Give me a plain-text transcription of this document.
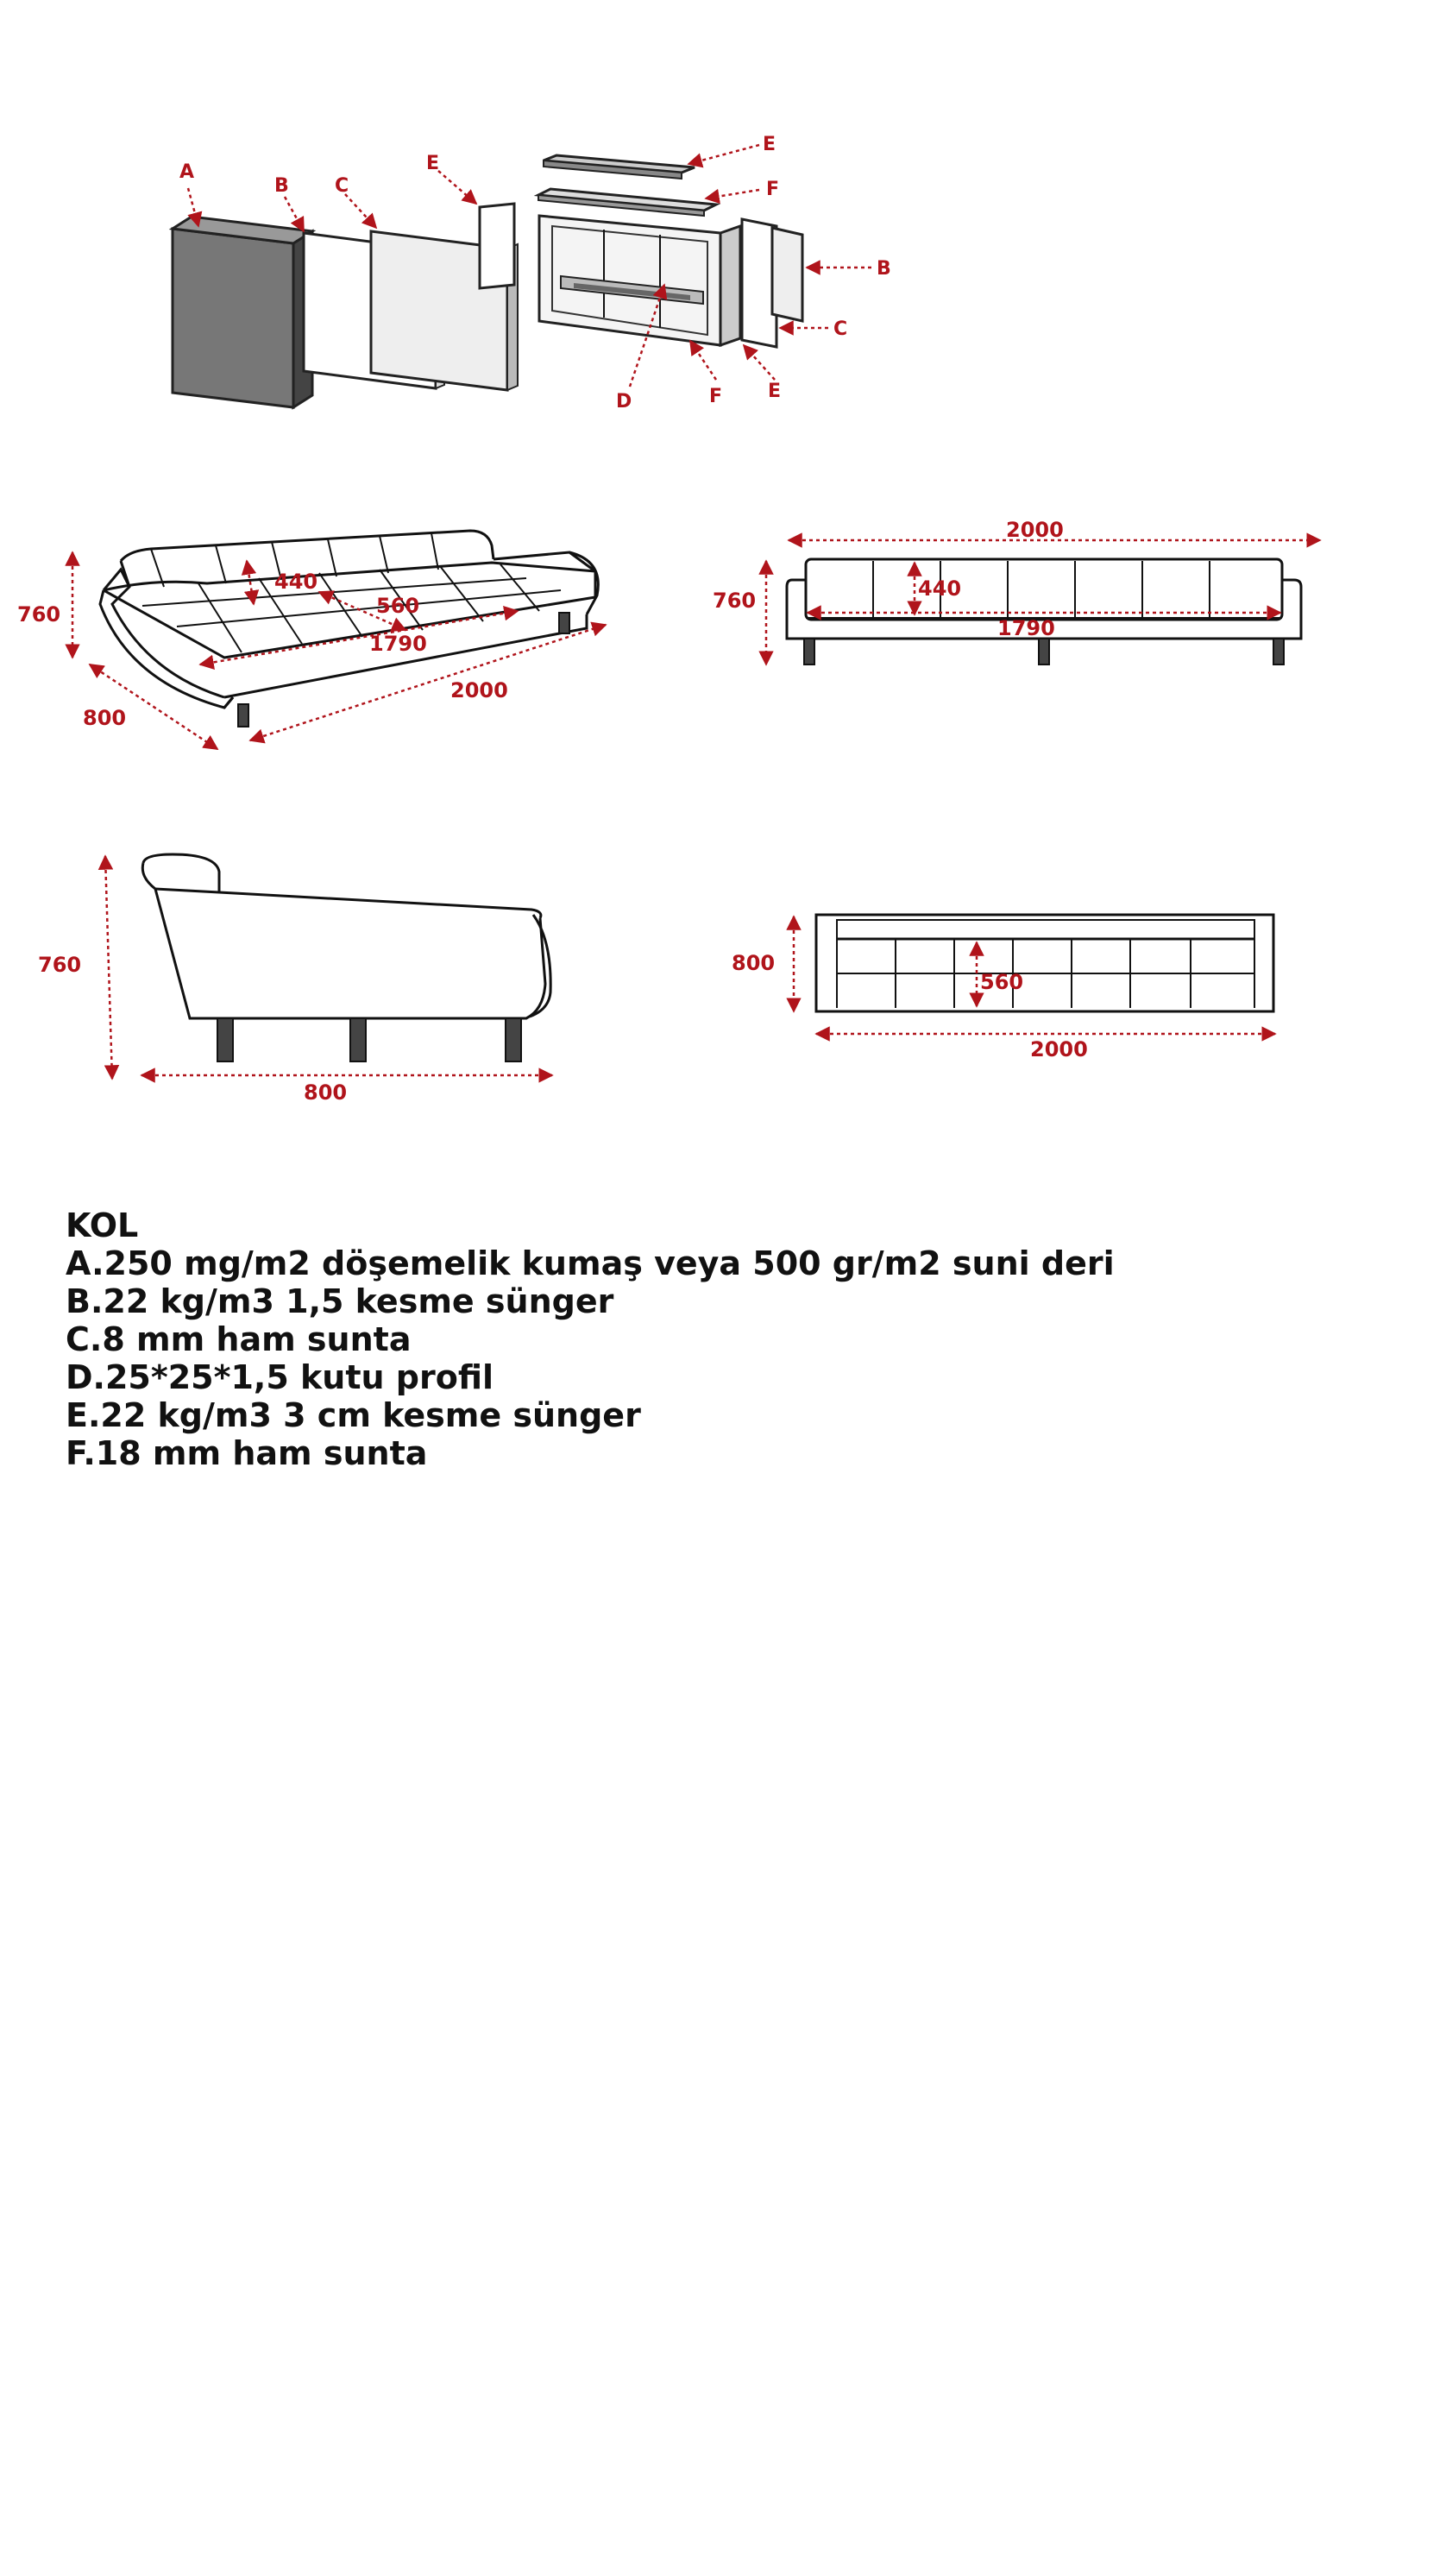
A
B C
E
E
F
B
C
D	F E
760
800
2000
1790
560
440
2000
760	440
1790
760
800
800
560
2000
KOL
A.250 mg/m2 döşemelik kumaş veya 500 gr/m2 suni deri
B.22 kg/m3 1,5 kesme sünger
C.8 mm ham sunta
D.25*25*1,5 kutu profil
E.22 kg/m3 3 cm kesme sünger
F.18 mm ham sunta
